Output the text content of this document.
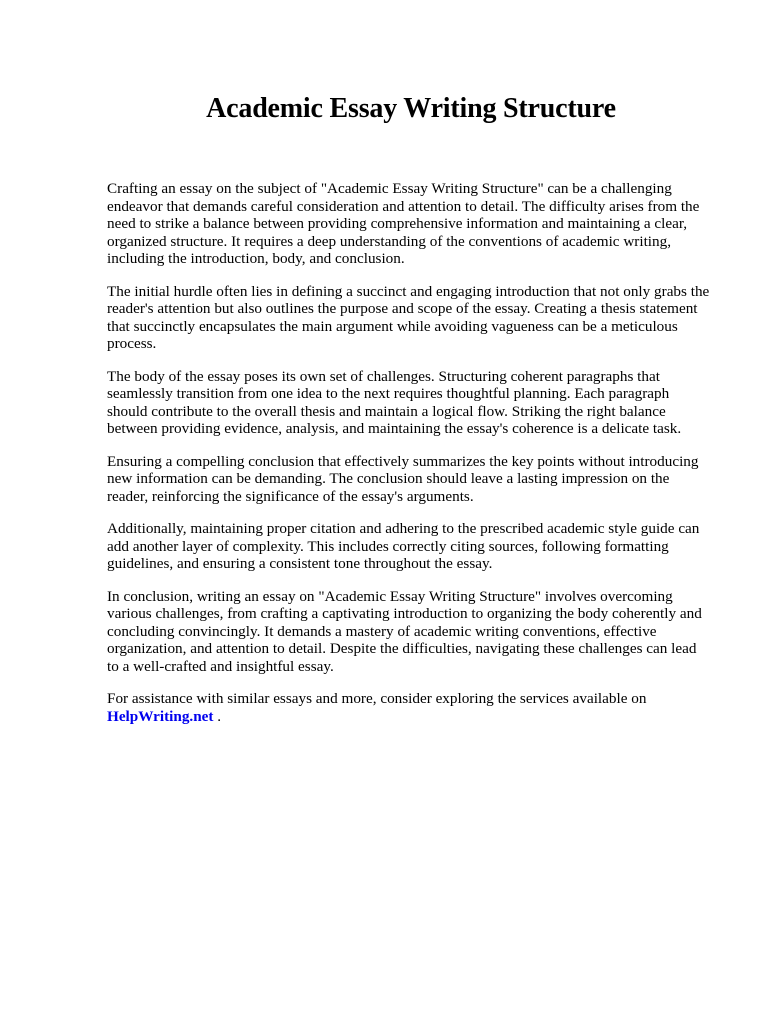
Academic Essay Writing Structure

Crafting an essay on the subject of "Academic Essay Writing Structure" can be a challenging endeavor that demands careful consideration and attention to detail. The difficulty arises from the need to strike a balance between providing comprehensive information and maintaining a clear, organized structure. It requires a deep understanding of the conventions of academic writing, including the introduction, body, and conclusion.

The initial hurdle often lies in defining a succinct and engaging introduction that not only grabs the reader's attention but also outlines the purpose and scope of the essay. Creating a thesis statement that succinctly encapsulates the main argument while avoiding vagueness can be a meticulous process.

The body of the essay poses its own set of challenges. Structuring coherent paragraphs that seamlessly transition from one idea to the next requires thoughtful planning. Each paragraph should contribute to the overall thesis and maintain a logical flow. Striking the right balance between providing evidence, analysis, and maintaining the essay's coherence is a delicate task.

Ensuring a compelling conclusion that effectively summarizes the key points without introducing new information can be demanding. The conclusion should leave a lasting impression on the reader, reinforcing the significance of the essay's arguments.

Additionally, maintaining proper citation and adhering to the prescribed academic style guide can add another layer of complexity. This includes correctly citing sources, following formatting guidelines, and ensuring a consistent tone throughout the essay.

In conclusion, writing an essay on "Academic Essay Writing Structure" involves overcoming various challenges, from crafting a captivating introduction to organizing the body coherently and concluding convincingly. It demands a mastery of academic writing conventions, effective organization, and attention to detail. Despite the difficulties, navigating these challenges can lead to a well-crafted and insightful essay.

For assistance with similar essays and more, consider exploring the services available on
HelpWriting.net .
